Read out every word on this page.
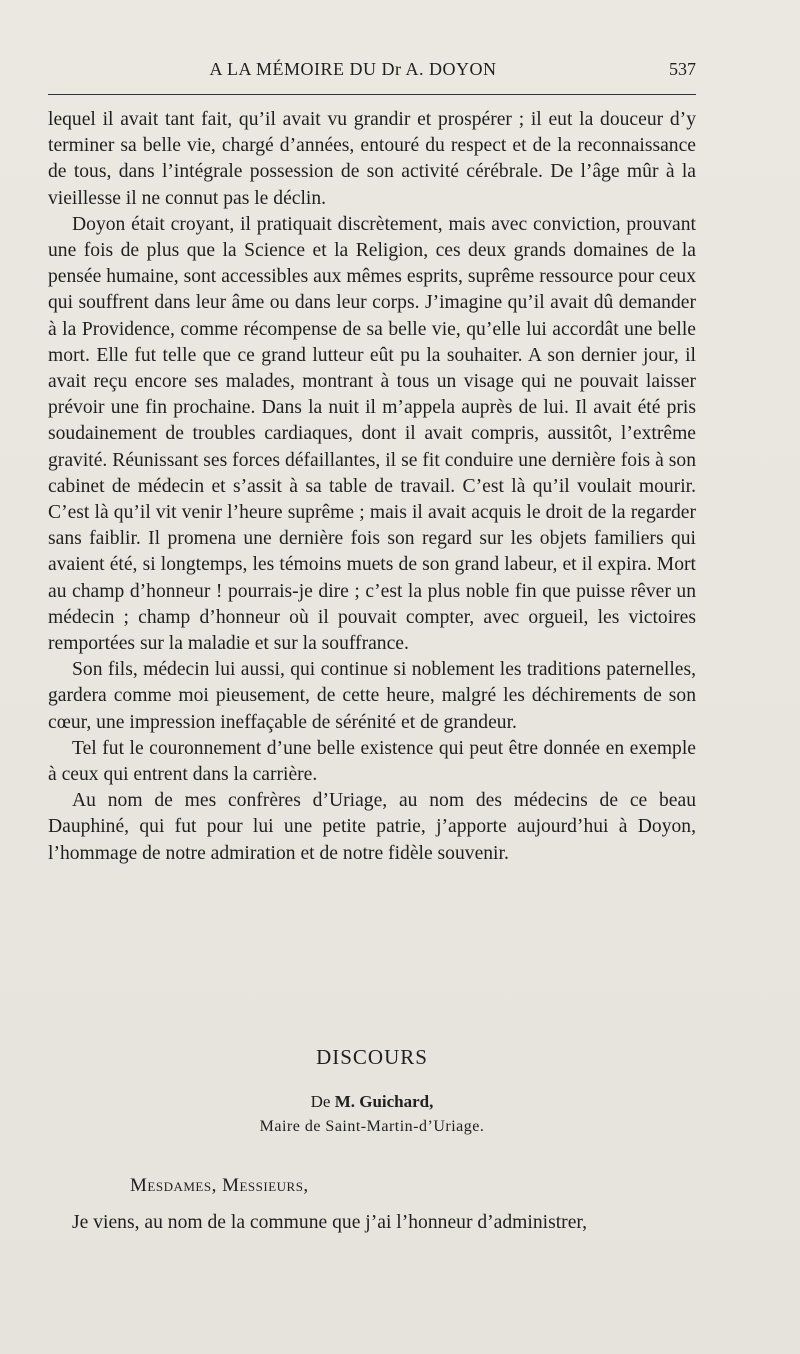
A LA MÉMOIRE DU Dr A. DOYON	537

lequel il avait tant fait, qu’il avait vu grandir et prospérer ; il eut la douceur d’y terminer sa belle vie, chargé d’années, entouré du respect et de la reconnaissance de tous, dans l’intégrale possession de son activité cérébrale. De l’âge mûr à la vieillesse il ne connut pas le déclin.

Doyon était croyant, il pratiquait discrètement, mais avec conviction, prouvant une fois de plus que la Science et la Religion, ces deux grands domaines de la pensée humaine, sont accessibles aux mêmes esprits, suprême ressource pour ceux qui souffrent dans leur âme ou dans leur corps. J’imagine qu’il avait dû demander à la Providence, comme récompense de sa belle vie, qu’elle lui accordât une belle mort. Elle fut telle que ce grand lutteur eût pu la souhaiter. A son dernier jour, il avait reçu encore ses malades, montrant à tous un visage qui ne pouvait laisser prévoir une fin prochaine. Dans la nuit il m’appela auprès de lui. Il avait été pris soudainement de troubles cardiaques, dont il avait compris, aussitôt, l’extrême gravité. Réunissant ses forces défaillantes, il se fit conduire une dernière fois à son cabinet de médecin et s’assit à sa table de travail. C’est là qu’il voulait mourir. C’est là qu’il vit venir l’heure suprême ; mais il avait acquis le droit de la regarder sans faiblir. Il promena une dernière fois son regard sur les objets familiers qui avaient été, si longtemps, les témoins muets de son grand labeur, et il expira. Mort au champ d’honneur ! pourrais-je dire ; c’est la plus noble fin que puisse rêver un médecin ; champ d’honneur où il pouvait compter, avec orgueil, les victoires remportées sur la maladie et sur la souffrance.

Son fils, médecin lui aussi, qui continue si noblement les traditions paternelles, gardera comme moi pieusement, de cette heure, malgré les déchirements de son cœur, une impression ineffaçable de sérénité et de grandeur.

Tel fut le couronnement d’une belle existence qui peut être donnée en exemple à ceux qui entrent dans la carrière.

Au nom de mes confrères d’Uriage, au nom des médecins de ce beau Dauphiné, qui fut pour lui une petite patrie, j’apporte aujourd’hui à Doyon, l’hommage de notre admiration et de notre fidèle souvenir.

DISCOURS
De M. Guichard,
Maire de Saint-Martin-d’Uriage.
Mesdames, Messieurs,
Je viens, au nom de la commune que j’ai l’honneur d’administrer,
